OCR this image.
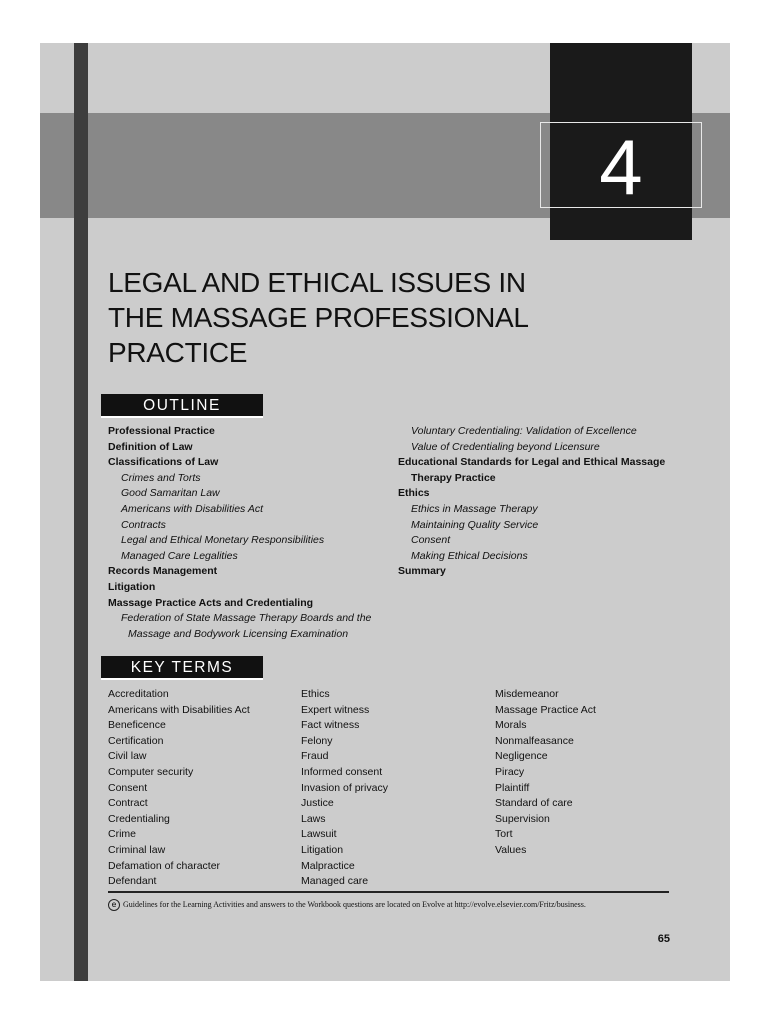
4
LEGAL AND ETHICAL ISSUES IN
THE MASSAGE PROFESSIONAL
PRACTICE
OUTLINE
Professional Practice
Definition of Law
Classifications of Law
Crimes and Torts
Good Samaritan Law
Americans with Disabilities Act
Contracts
Legal and Ethical Monetary Responsibilities
Managed Care Legalities
Records Management
Litigation
Massage Practice Acts and Credentialing
Federation of State Massage Therapy Boards and the
Massage and Bodywork Licensing Examination
Voluntary Credentialing: Validation of Excellence
Value of Credentialing beyond Licensure
Educational Standards for Legal and Ethical Massage
Therapy Practice
Ethics
Ethics in Massage Therapy
Maintaining Quality Service
Consent
Making Ethical Decisions
Summary
KEY TERMS
Accreditation
Americans with Disabilities Act
Beneficence
Certification
Civil law
Computer security
Consent
Contract
Credentialing
Crime
Criminal law
Defamation of character
Defendant
Ethics
Expert witness
Fact witness
Felony
Fraud
Informed consent
Invasion of privacy
Justice
Laws
Lawsuit
Litigation
Malpractice
Managed care
Misdemeanor
Massage Practice Act
Morals
Nonmalfeasance
Negligence
Piracy
Plaintiff
Standard of care
Supervision
Tort
Values
e Guidelines for the Learning Activities and answers to the Workbook questions are located on Evolve at http://evolve.elsevier.com/Fritz/business.
65
